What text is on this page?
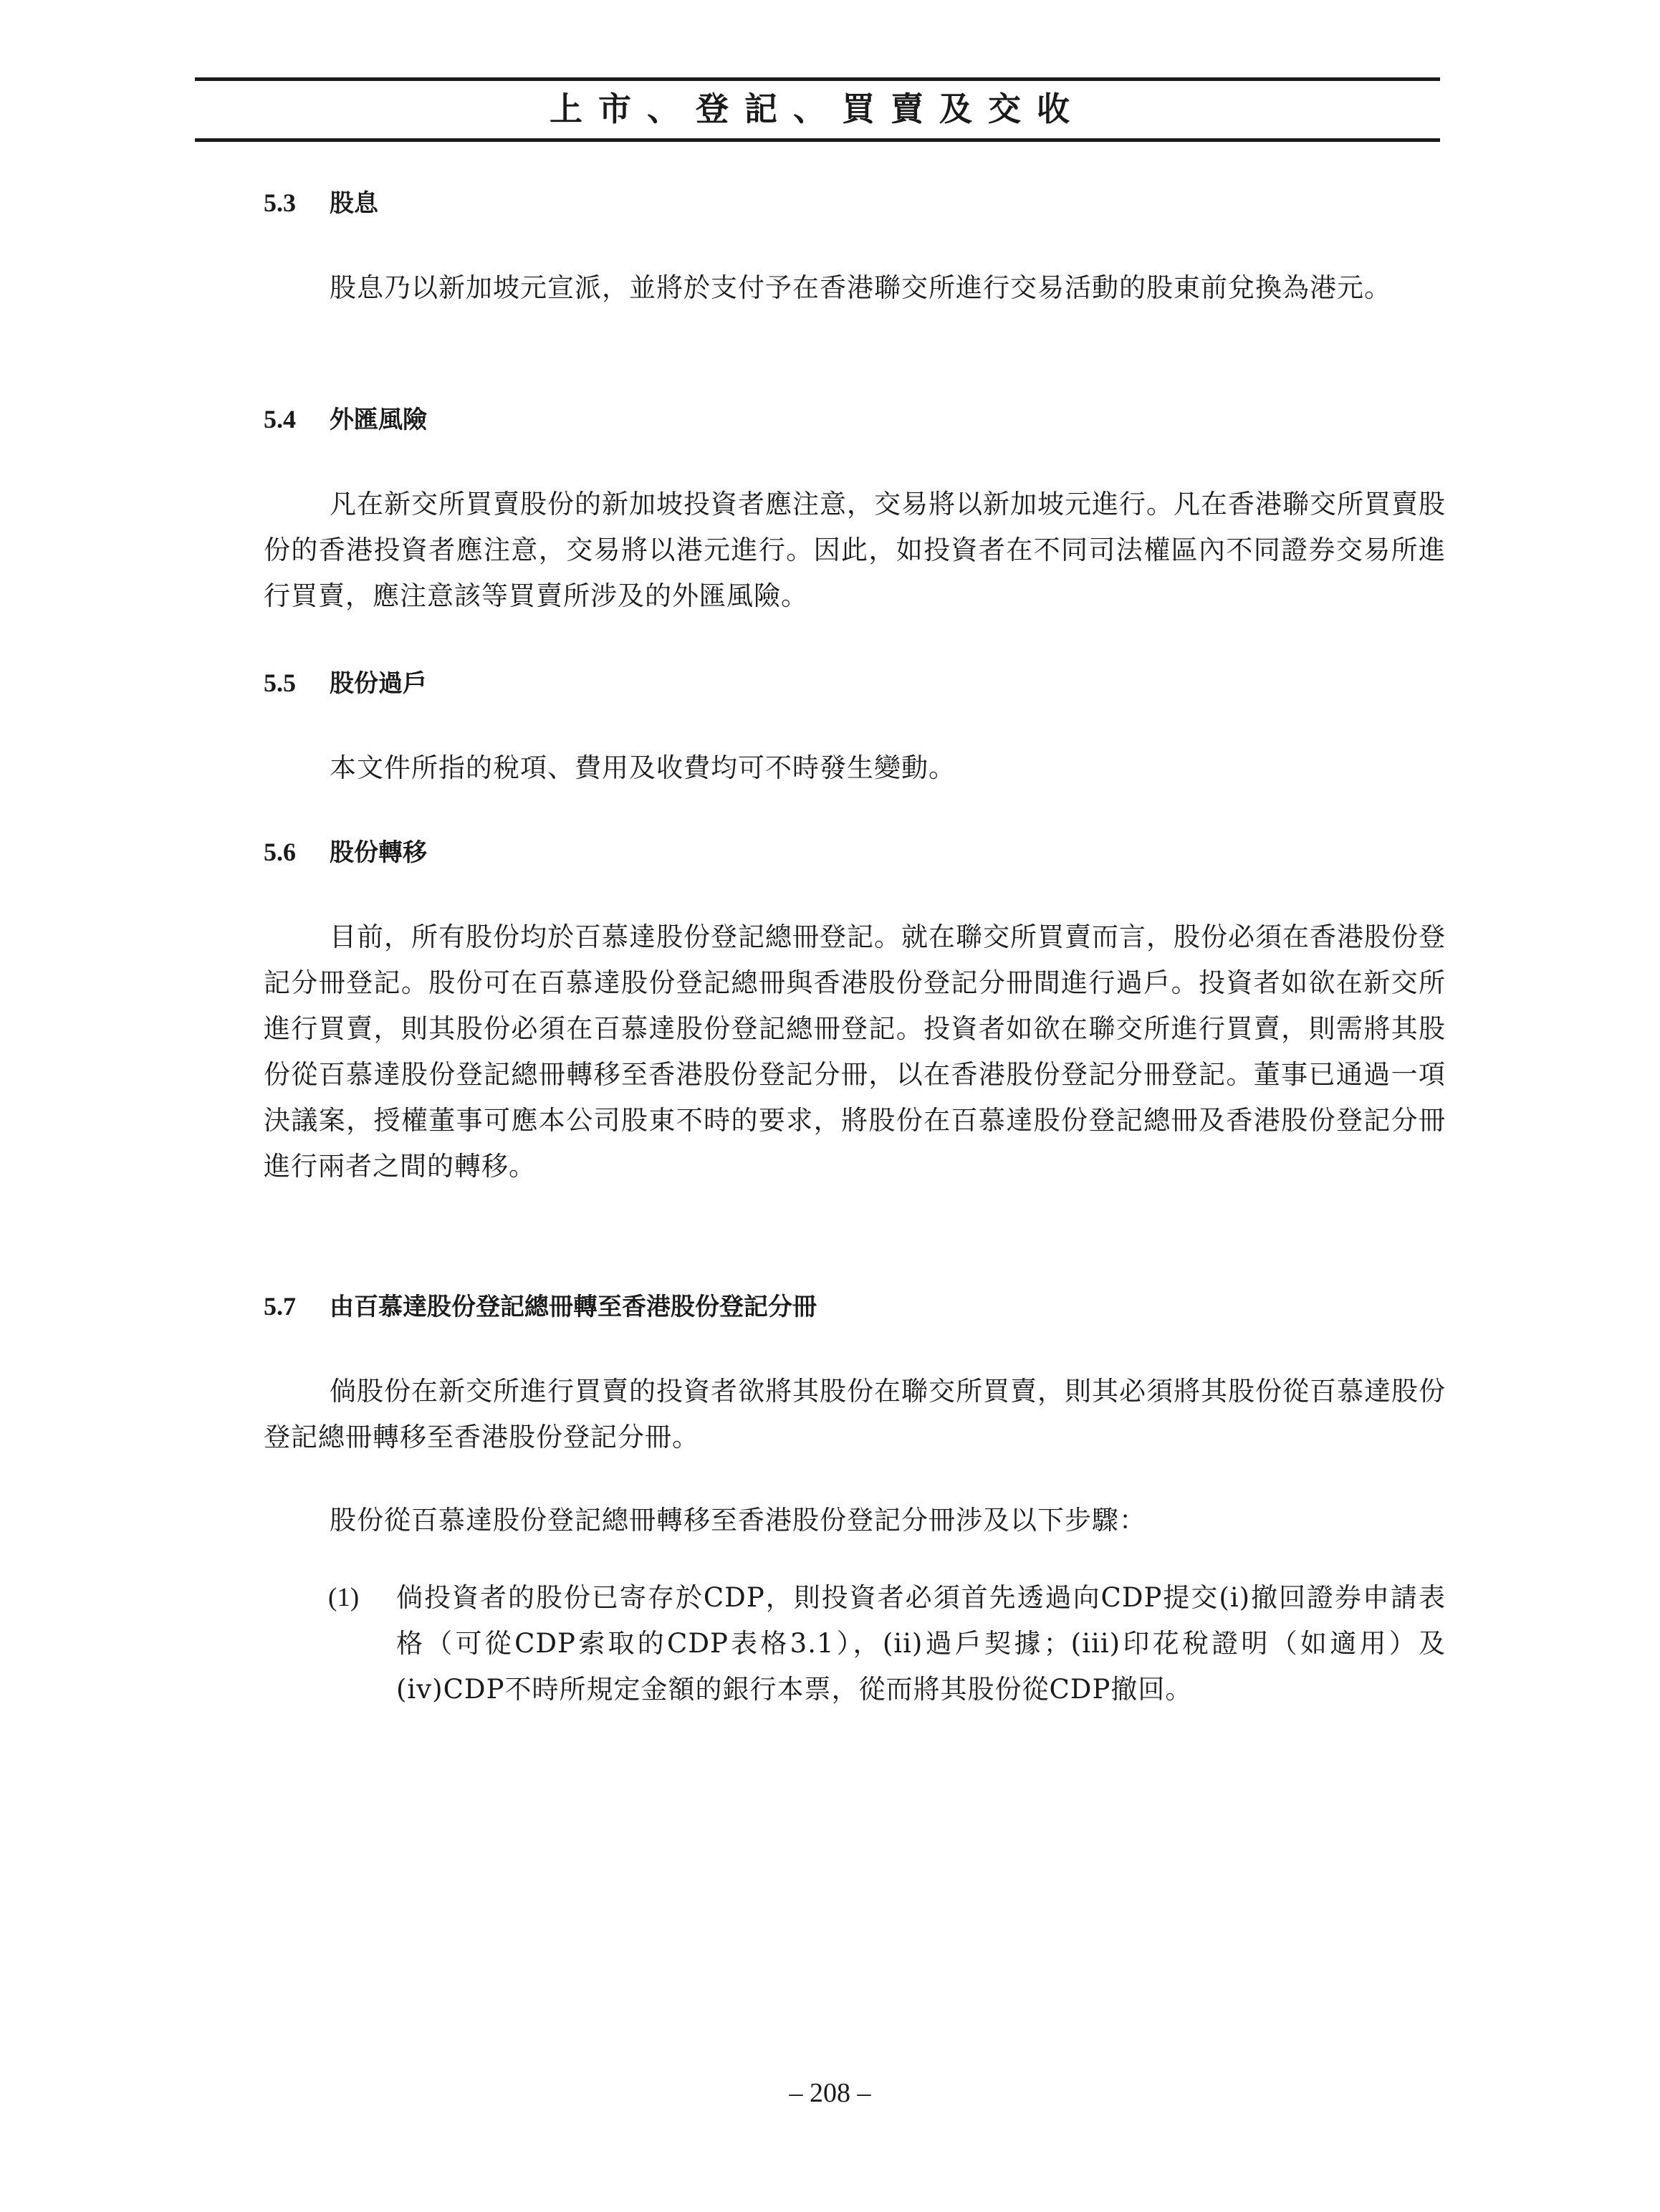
上市、登記、買賣及交收
5.3 股息
股息乃以新加坡元宣派，並將於支付予在香港聯交所進行交易活動的股東前兌換為港元。
5.4 外匯風險
凡在新交所買賣股份的新加坡投資者應注意，交易將以新加坡元進行。凡在香港聯交所買賣股份的香港投資者應注意，交易將以港元進行。因此，如投資者在不同司法權區內不同證券交易所進行買賣，應注意該等買賣所涉及的外匯風險。
5.5 股份過戶
本文件所指的稅項、費用及收費均可不時發生變動。
5.6 股份轉移
目前，所有股份均於百慕達股份登記總冊登記。就在聯交所買賣而言，股份必須在香港股份登記分冊登記。股份可在百慕達股份登記總冊與香港股份登記分冊間進行過戶。投資者如欲在新交所進行買賣，則其股份必須在百慕達股份登記總冊登記。投資者如欲在聯交所進行買賣，則需將其股份從百慕達股份登記總冊轉移至香港股份登記分冊，以在香港股份登記分冊登記。董事已通過一項決議案，授權董事可應本公司股東不時的要求，將股份在百慕達股份登記總冊及香港股份登記分冊進行兩者之間的轉移。
5.7 由百慕達股份登記總冊轉至香港股份登記分冊
倘股份在新交所進行買賣的投資者欲將其股份在聯交所買賣，則其必須將其股份從百慕達股份登記總冊轉移至香港股份登記分冊。
股份從百慕達股份登記總冊轉移至香港股份登記分冊涉及以下步驟：
(1) 倘投資者的股份已寄存於CDP，則投資者必須首先透過向CDP提交(i)撤回證券申請表格（可從CDP索取的CDP表格3.1），(ii)過戶契據；(iii)印花稅證明（如適用）及(iv)CDP不時所規定金額的銀行本票，從而將其股份從CDP撤回。
– 208 –
